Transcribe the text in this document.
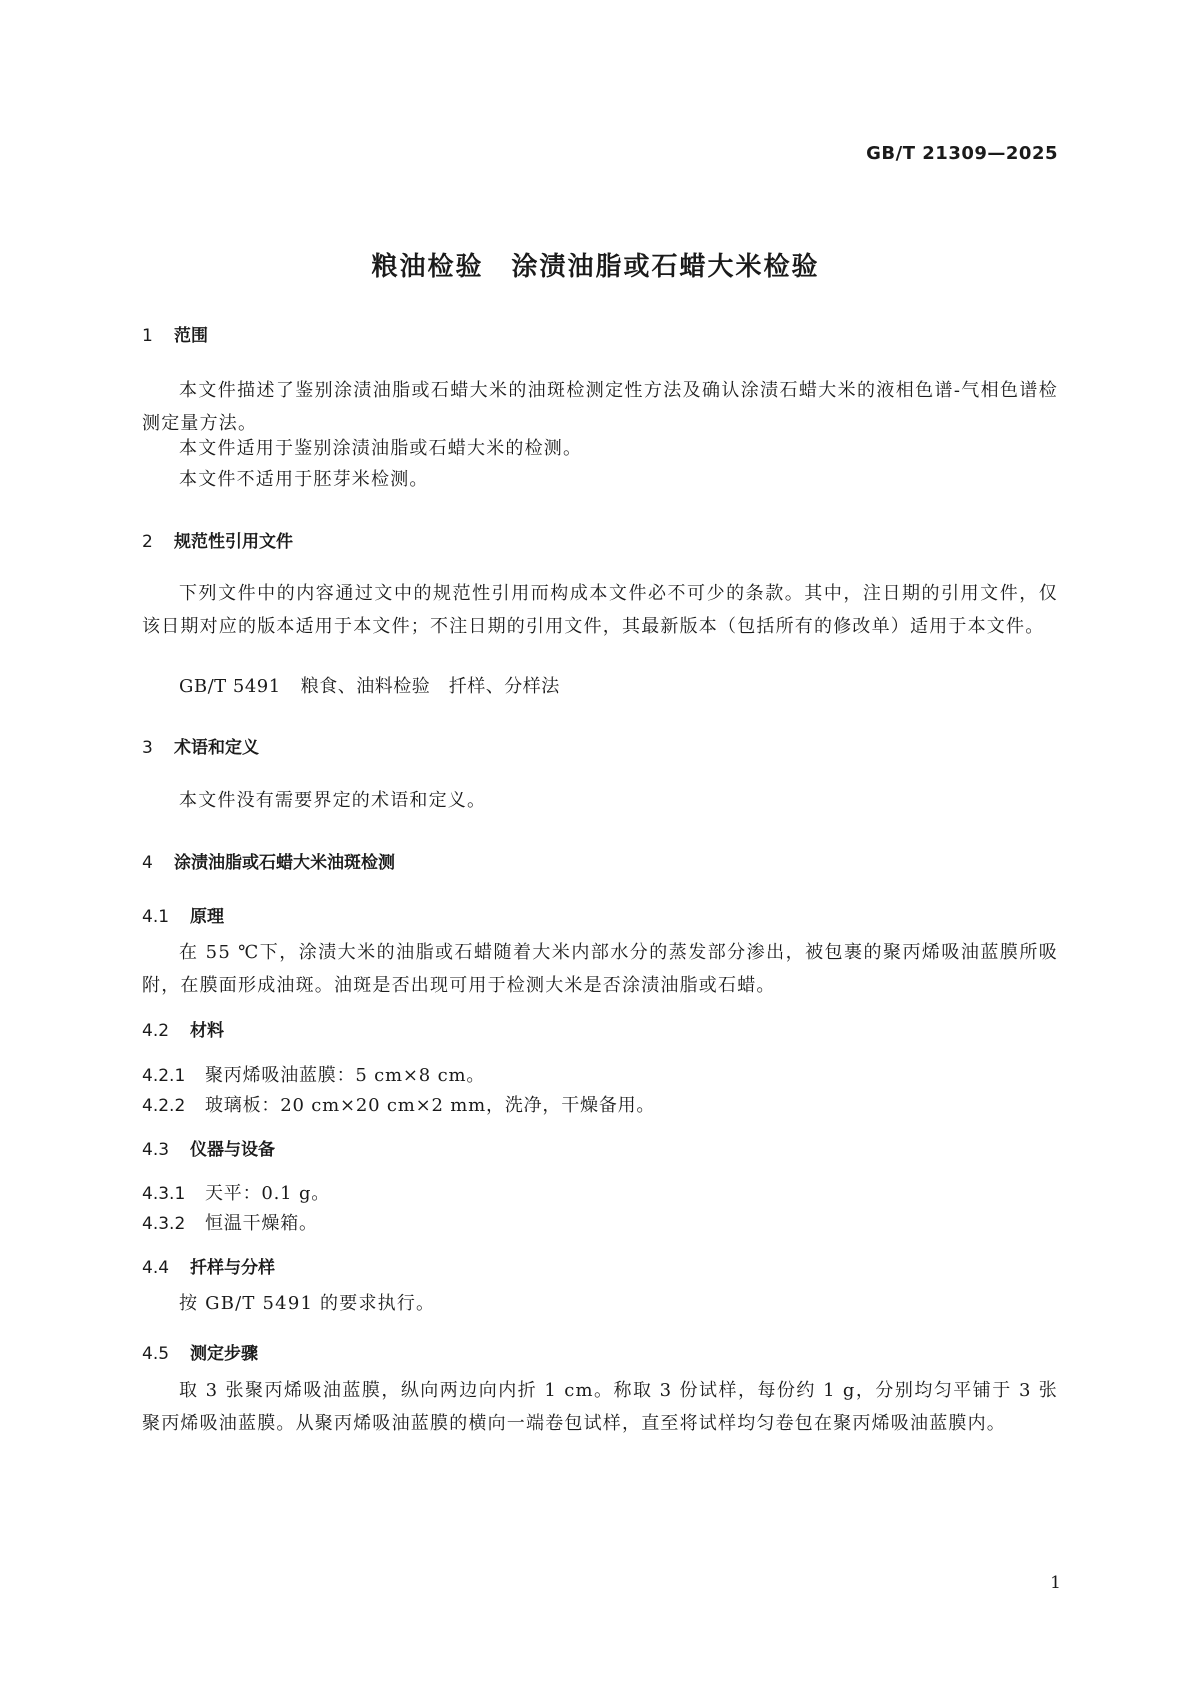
GB/T 21309—2025
粮油检验　涂渍油脂或石蜡大米检验
1 范围
本文件描述了鉴别涂渍油脂或石蜡大米的油斑检测定性方法及确认涂渍石蜡大米的液相色谱-气相色谱检测定量方法。
本文件适用于鉴别涂渍油脂或石蜡大米的检测。
本文件不适用于胚芽米检测。
2 规范性引用文件
下列文件中的内容通过文中的规范性引用而构成本文件必不可少的条款。其中，注日期的引用文件，仅该日期对应的版本适用于本文件；不注日期的引用文件，其最新版本（包括所有的修改单）适用于本文件。
GB/T 5491 粮食、油料检验　扦样、分样法
3 术语和定义
本文件没有需要界定的术语和定义。
4 涂渍油脂或石蜡大米油斑检测
4.1 原理
在 55 ℃下，涂渍大米的油脂或石蜡随着大米内部水分的蒸发部分渗出，被包裹的聚丙烯吸油蓝膜所吸附，在膜面形成油斑。油斑是否出现可用于检测大米是否涂渍油脂或石蜡。
4.2 材料
4.2.1 聚丙烯吸油蓝膜：5 cm×8 cm。
4.2.2 玻璃板：20 cm×20 cm×2 mm，洗净，干燥备用。
4.3 仪器与设备
4.3.1 天平：0.1 g。
4.3.2 恒温干燥箱。
4.4 扦样与分样
按 GB/T 5491 的要求执行。
4.5 测定步骤
取 3 张聚丙烯吸油蓝膜，纵向两边向内折 1 cm。称取 3 份试样，每份约 1 g，分别均匀平铺于 3 张聚丙烯吸油蓝膜。从聚丙烯吸油蓝膜的横向一端卷包试样，直至将试样均匀卷包在聚丙烯吸油蓝膜内。
1
